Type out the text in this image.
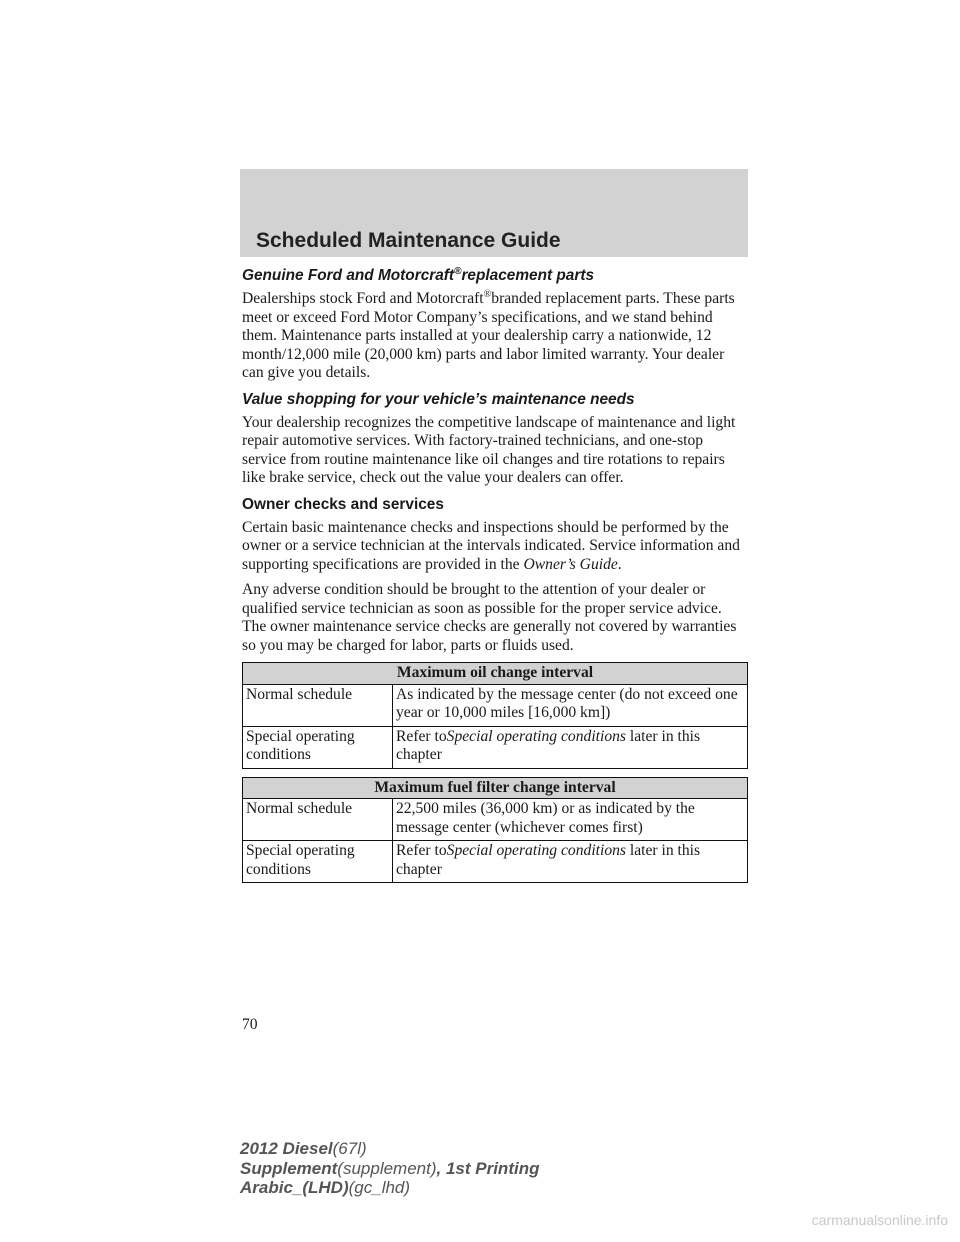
Scheduled Maintenance Guide
Genuine Ford and Motorcraft®replacement parts

Dealerships stock Ford and Motorcraft®branded replacement parts. These parts meet or exceed Ford Motor Company’s specifications, and we stand behind them. Maintenance parts installed at your dealership carry a nationwide, 12 month/12,000 mile (20,000 km) parts and labor limited warranty. Your dealer can give you details.

Value shopping for your vehicle’s maintenance needs

Your dealership recognizes the competitive landscape of maintenance and light repair automotive services. With factory-trained technicians, and one-stop service from routine maintenance like oil changes and tire rotations to repairs like brake service, check out the value your dealers can offer.

Owner checks and services

Certain basic maintenance checks and inspections should be performed by the owner or a service technician at the intervals indicated. Service information and supporting specifications are provided in the Owner’s Guide.

Any adverse condition should be brought to the attention of your dealer or qualified service technician as soon as possible for the proper service advice. The owner maintenance service checks are generally not covered by warranties so you may be charged for labor, parts or fluids used.

Maximum oil change interval	
Normal schedule	As indicated by the message center (do not exceed one year or 10,000 miles [16,000 km])
Special operating conditions	Refer toSpecial operating conditions later in this chapter
Maximum fuel filter change interval	
Normal schedule	22,500 miles (36,000 km) or as indicated by the message center (whichever comes first)
Special operating conditions	Refer toSpecial operating conditions later in this chapter

70

2012 Diesel(67l)
Supplement(supplement), 1st Printing
Arabic_(LHD)(gc_lhd)

carmanualsonline.info
